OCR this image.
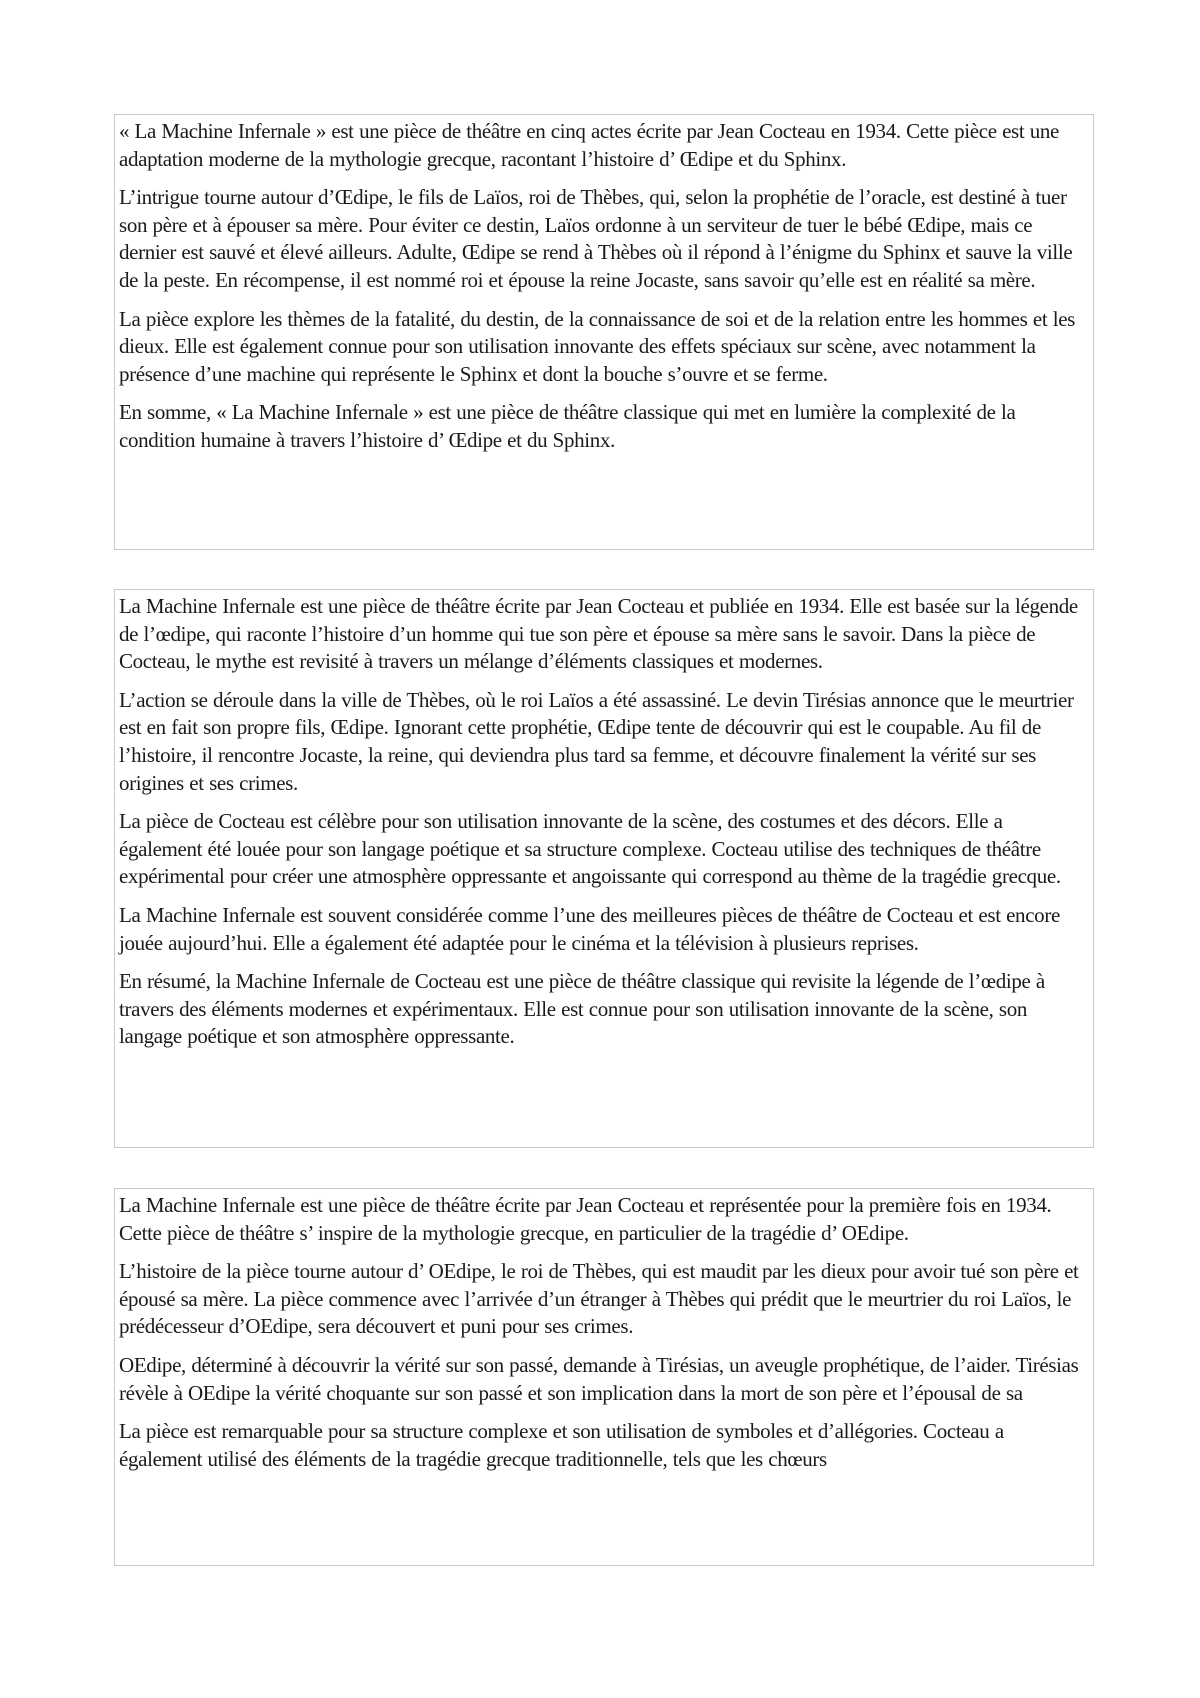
« La Machine Infernale » est une pièce de théâtre en cinq actes écrite par Jean Cocteau en 1934. Cette pièce est une adaptation moderne de la mythologie grecque, racontant l’histoire d’ Œdipe et du Sphinx.

L’intrigue tourne autour d’Œdipe, le fils de Laïos, roi de Thèbes, qui, selon la prophétie de l’oracle, est destiné à tuer son père et à épouser sa mère. Pour éviter ce destin, Laïos ordonne à un serviteur de tuer le bébé Œdipe, mais ce dernier est sauvé et élevé ailleurs. Adulte, Œdipe se rend à Thèbes où il répond à l’énigme du Sphinx et sauve la ville de la peste. En récompense, il est nommé roi et épouse la reine Jocaste, sans savoir qu’elle est en réalité sa mère.

La pièce explore les thèmes de la fatalité, du destin, de la connaissance de soi et de la relation entre les hommes et les dieux. Elle est également connue pour son utilisation innovante des effets spéciaux sur scène, avec notamment la présence d’une machine qui représente le Sphinx et dont la bouche s’ouvre et se ferme.

En somme, « La Machine Infernale » est une pièce de théâtre classique qui met en lumière la complexité de la condition humaine à travers l’histoire d’ Œdipe et du Sphinx.

La Machine Infernale est une pièce de théâtre écrite par Jean Cocteau et publiée en 1934. Elle est basée sur la légende de l’œdipe, qui raconte l’histoire d’un homme qui tue son père et épouse sa mère sans le savoir. Dans la pièce de Cocteau, le mythe est revisité à travers un mélange d’éléments classiques et modernes.

L’action se déroule dans la ville de Thèbes, où le roi Laïos a été assassiné. Le devin Tirésias annonce que le meurtrier est en fait son propre fils, Œdipe. Ignorant cette prophétie, Œdipe tente de découvrir qui est le coupable. Au fil de l’histoire, il rencontre Jocaste, la reine, qui deviendra plus tard sa femme, et découvre finalement la vérité sur ses origines et ses crimes.

La pièce de Cocteau est célèbre pour son utilisation innovante de la scène, des costumes et des décors. Elle a également été louée pour son langage poétique et sa structure complexe. Cocteau utilise des techniques de théâtre expérimental pour créer une atmosphère oppressante et angoissante qui correspond au thème de la tragédie grecque.

La Machine Infernale est souvent considérée comme l’une des meilleures pièces de théâtre de Cocteau et est encore jouée aujourd’hui. Elle a également été adaptée pour le cinéma et la télévision à plusieurs reprises.

En résumé, la Machine Infernale de Cocteau est une pièce de théâtre classique qui revisite la légende de l’œdipe à travers des éléments modernes et expérimentaux. Elle est connue pour son utilisation innovante de la scène, son langage poétique et son atmosphère oppressante.

La Machine Infernale est une pièce de théâtre écrite par Jean Cocteau et représentée pour la première fois en 1934. Cette pièce de théâtre s’ inspire de la mythologie grecque, en particulier de la tragédie d’ OEdipe.

L’histoire de la pièce tourne autour d’ OEdipe, le roi de Thèbes, qui est maudit par les dieux pour avoir tué son père et épousé sa mère. La pièce commence avec l’arrivée d’un étranger à Thèbes qui prédit que le meurtrier du roi Laïos, le prédécesseur d’OEdipe, sera découvert et puni pour ses crimes.

OEdipe, déterminé à découvrir la vérité sur son passé, demande à Tirésias, un aveugle prophétique, de l’aider. Tirésias révèle à OEdipe la vérité choquante sur son passé et son implication dans la mort de son père et l’épousal de sa

La pièce est remarquable pour sa structure complexe et son utilisation de symboles et d’allégories. Cocteau a également utilisé des éléments de la tragédie grecque traditionnelle, tels que les chœurs
